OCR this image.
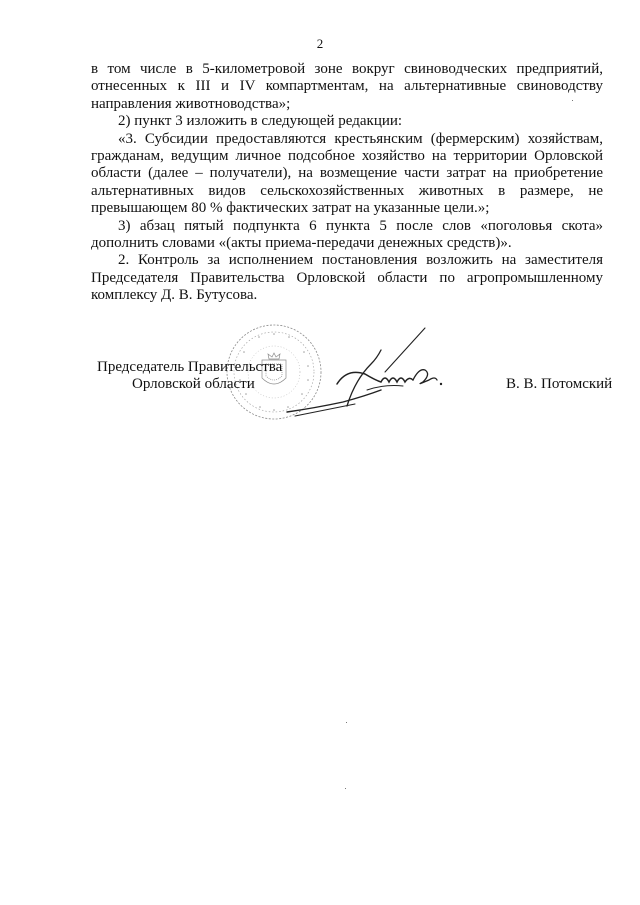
2

в том числе в 5-километровой зоне вокруг свиноводческих предприятий, отнесенных к III и IV компартментам, на альтернативные свиноводству направления животноводства»;

2) пункт 3 изложить в следующей редакции:

«3. Субсидии предоставляются крестьянским (фермерским) хозяйствам, гражданам, ведущим личное подсобное хозяйство на территории Орловской области (далее – получатели), на возмещение части затрат на приобретение альтернативных видов сельскохозяйственных животных в размере, не превышающем 80 % фактических затрат на указанные цели.»;

3) абзац пятый подпункта 6 пункта 5 после слов «поголовья скота» дополнить словами «(акты приема-передачи денежных средств)».

2. Контроль за исполнением постановления возложить на заместителя Председателя Правительства Орловской области по агропромышленному комплексу Д. В. Бутусова.

Председатель Правительства
Орловской области	В. В. Потомский
